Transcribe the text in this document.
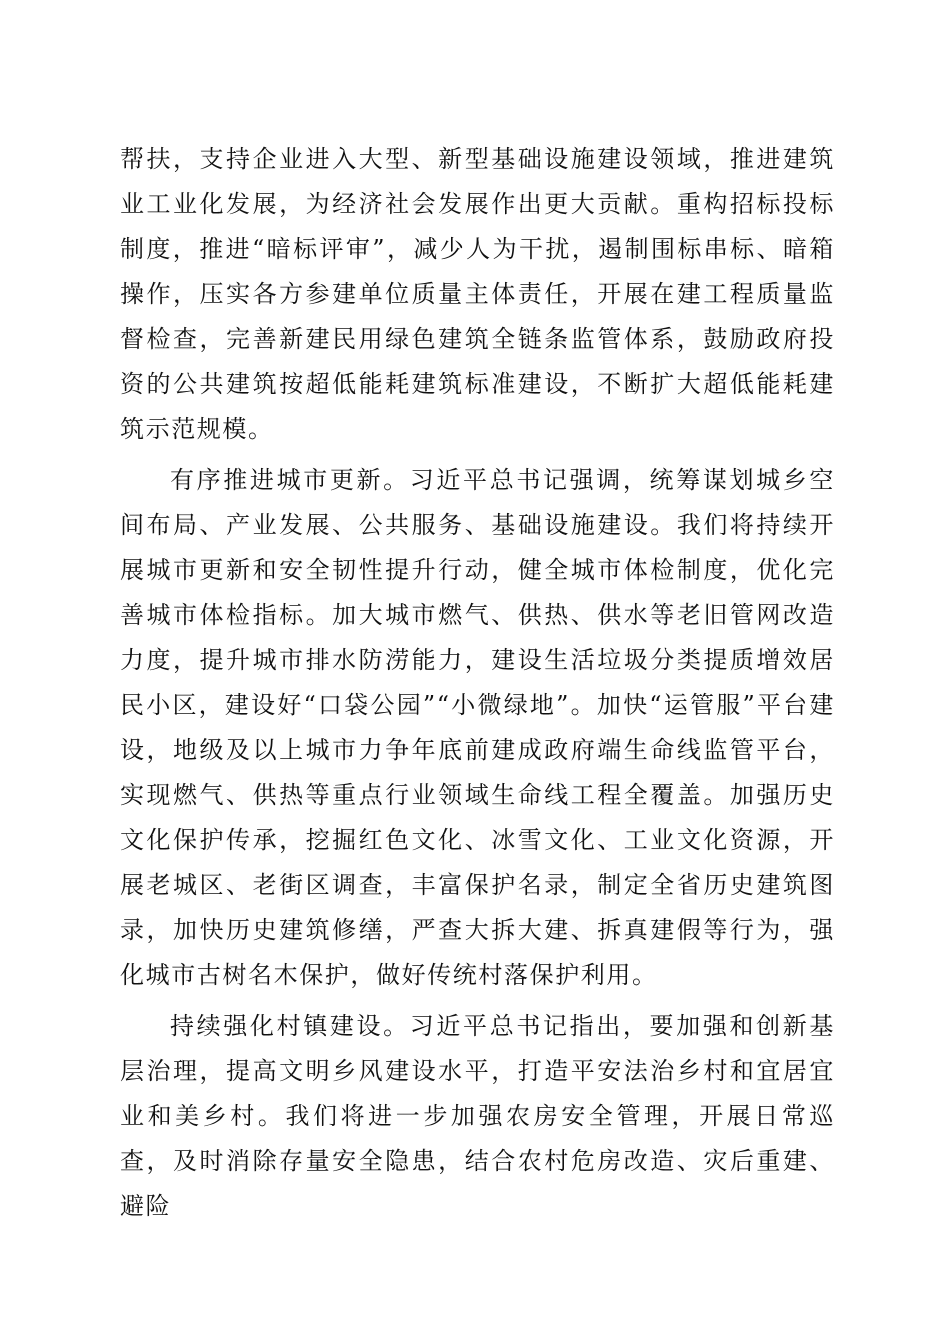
帮扶，支持企业进入大型、新型基础设施建设领域，推进建筑业工业化发展，为经济社会发展作出更大贡献。重构招标投标制度，推进“暗标评审”，减少人为干扰，遏制围标串标、暗箱操作，压实各方参建单位质量主体责任，开展在建工程质量监督检查，完善新建民用绿色建筑全链条监管体系，鼓励政府投资的公共建筑按超低能耗建筑标准建设，不断扩大超低能耗建筑示范规模。

有序推进城市更新。习近平总书记强调，统筹谋划城乡空间布局、产业发展、公共服务、基础设施建设。我们将持续开展城市更新和安全韧性提升行动，健全城市体检制度，优化完善城市体检指标。加大城市燃气、供热、供水等老旧管网改造力度，提升城市排水防涝能力，建设生活垃圾分类提质增效居民小区，建设好“口袋公园”“小微绿地”。加快“运管服”平台建设，地级及以上城市力争年底前建成政府端生命线监管平台，实现燃气、供热等重点行业领域生命线工程全覆盖。加强历史文化保护传承，挖掘红色文化、冰雪文化、工业文化资源，开展老城区、老街区调查，丰富保护名录，制定全省历史建筑图录，加快历史建筑修缮，严查大拆大建、拆真建假等行为，强化城市古树名木保护，做好传统村落保护利用。

持续强化村镇建设。习近平总书记指出，要加强和创新基层治理，提高文明乡风建设水平，打造平安法治乡村和宜居宜业和美乡村。我们将进一步加强农房安全管理，开展日常巡查，及时消除存量安全隐患，结合农村危房改造、灾后重建、避险
